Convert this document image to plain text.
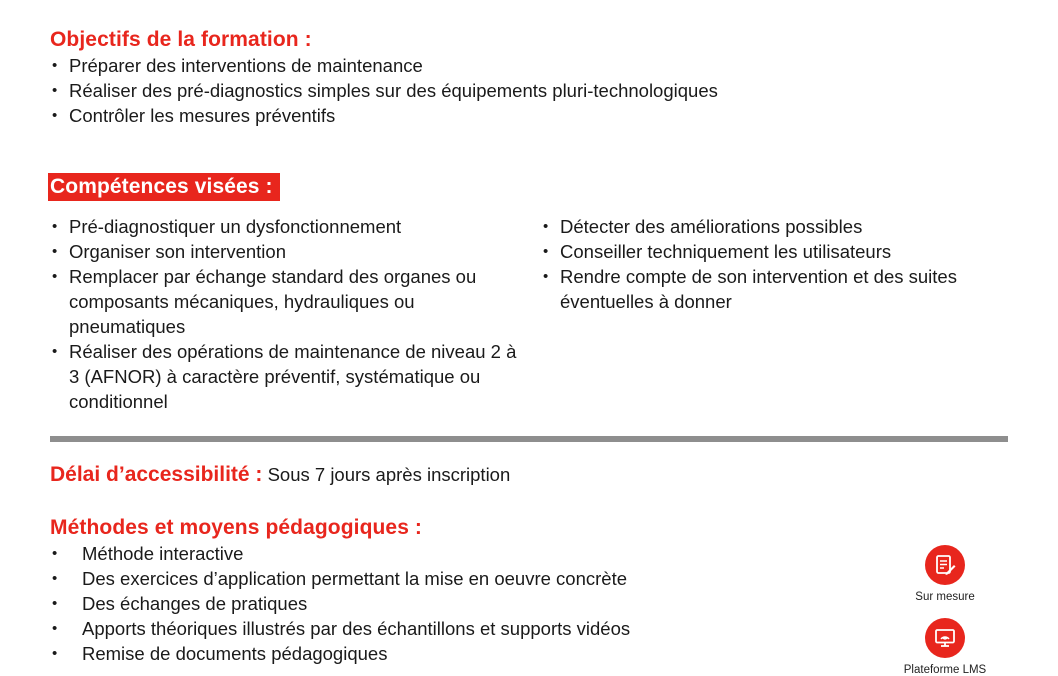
Objectifs de la formation :
• Préparer des interventions de maintenance
• Réaliser des pré-diagnostics simples sur des équipements pluri-technologiques
• Contrôler les mesures préventifs
Compétences visées :
• Pré-diagnostiquer un dysfonctionnement
• Organiser son intervention
• Remplacer par échange standard des organes ou composants mécaniques, hydrauliques ou pneumatiques
• Réaliser des opérations de maintenance de niveau 2 à 3 (AFNOR) à caractère préventif, systématique ou conditionnel
• Détecter des améliorations possibles
• Conseiller techniquement les utilisateurs
• Rendre compte de son intervention et des suites éventuelles à donner
Délai d’accessibilité : Sous 7 jours après inscription
Méthodes et moyens pédagogiques :
• Méthode interactive
• Des exercices d’application permettant la mise en oeuvre concrète
• Des échanges de pratiques
• Apports théoriques illustrés par des échantillons et supports vidéos
• Remise de documents pédagogiques
Sur mesure
Plateforme LMS
